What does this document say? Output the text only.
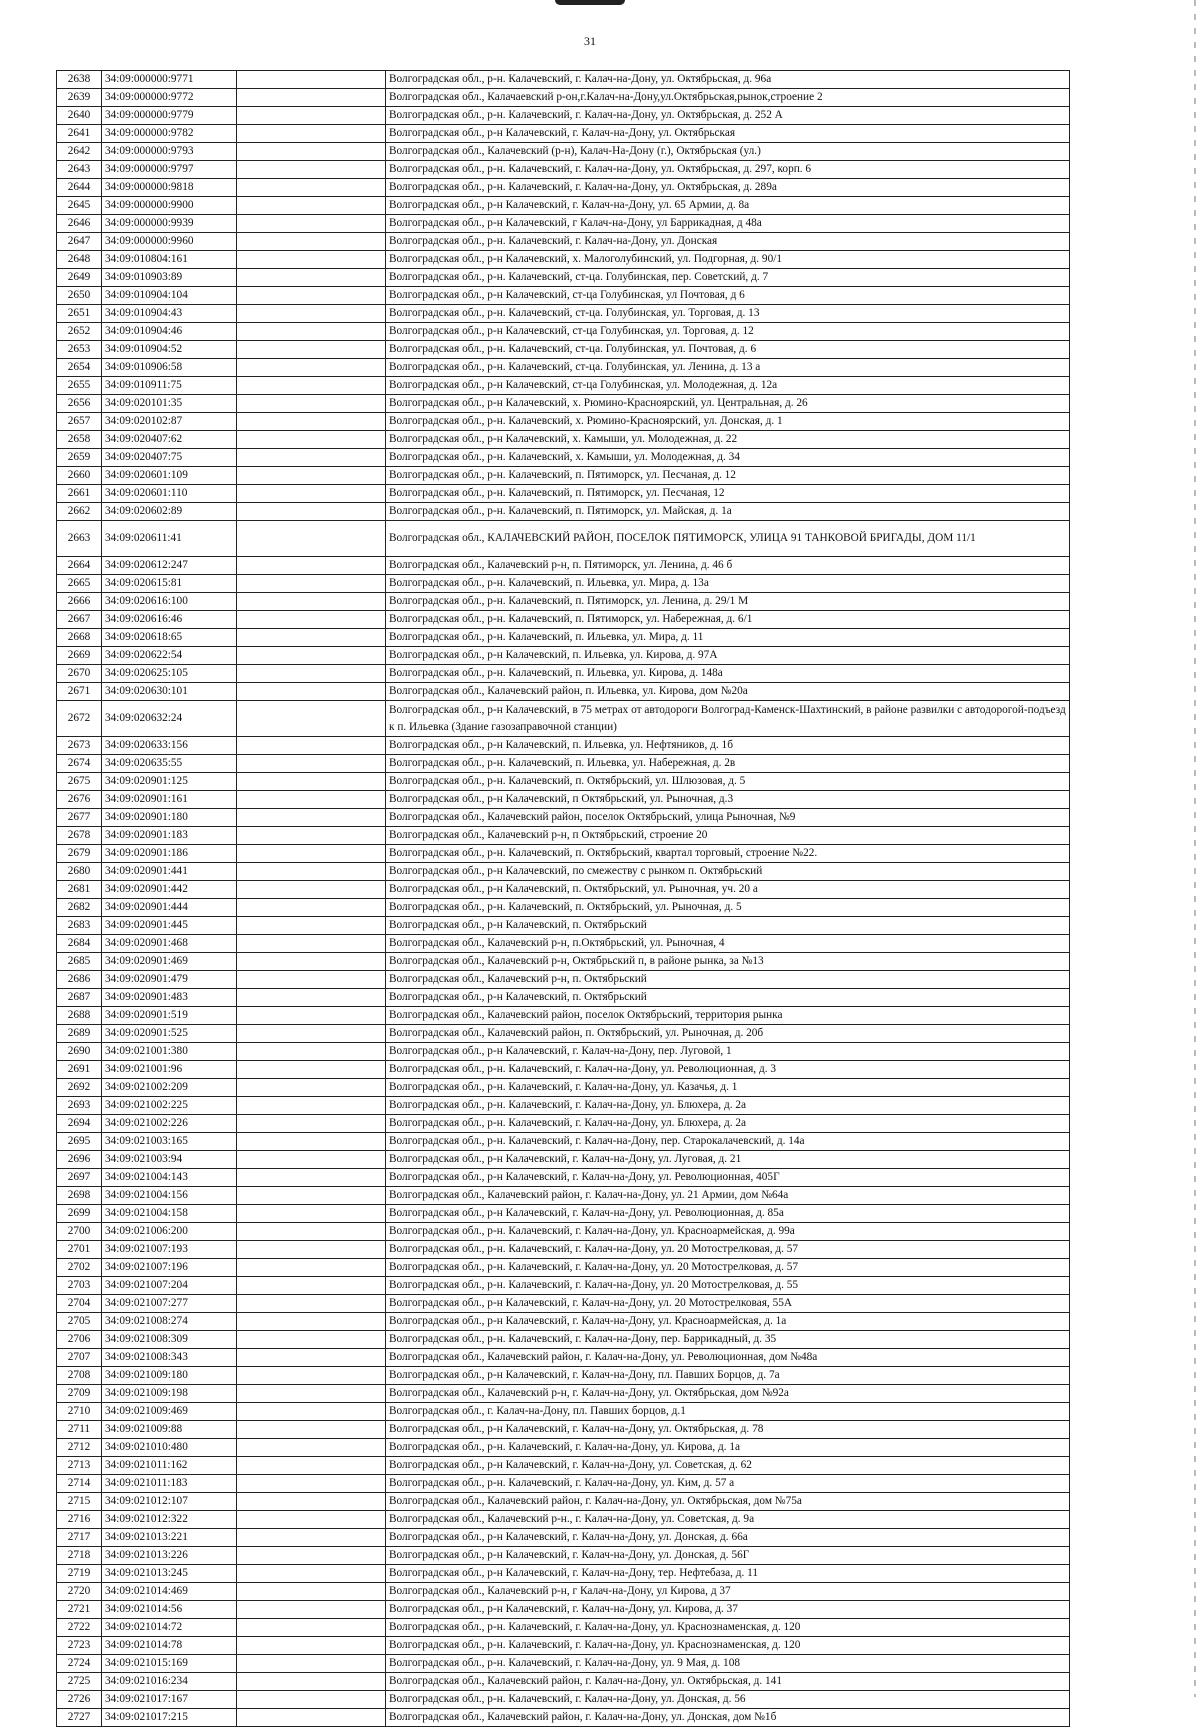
31
2638	34:09:000000:9771		Волгоградская обл., р-н. Калачевский, г. Калач-на-Дону, ул. Октябрьская, д. 96а
2639	34:09:000000:9772		Волгоградская обл., Калачаевский р-он,г.Калач-на-Дону,ул.Октябрьская,рынок,строение 2
2640	34:09:000000:9779		Волгоградская обл., р-н. Калачевский, г. Калач-на-Дону, ул. Октябрьская, д. 252 А
2641	34:09:000000:9782		Волгоградская обл., р-н Калачевский, г. Калач-на-Дону, ул. Октябрьская
2642	34:09:000000:9793		Волгоградская обл., Калачевский (р-н), Калач-На-Дону (г.), Октябрьская (ул.)
2643	34:09:000000:9797		Волгоградская обл., р-н. Калачевский, г. Калач-на-Дону, ул. Октябрьская, д. 297, корп. 6
2644	34:09:000000:9818		Волгоградская обл., р-н. Калачевский, г. Калач-на-Дону, ул. Октябрьская, д. 289а
2645	34:09:000000:9900		Волгоградская обл., р-н Калачевский, г. Калач-на-Дону, ул. 65 Армии, д. 8а
2646	34:09:000000:9939		Волгоградская обл., р-н Калачевский, г Калач-на-Дону, ул Баррикадная, д 48а
2647	34:09:000000:9960		Волгоградская обл., р-н. Калачевский, г. Калач-на-Дону, ул. Донская
2648	34:09:010804:161		Волгоградская обл., р-н Калачевский, х. Малоголубинский, ул. Подгорная, д. 90/1
2649	34:09:010903:89		Волгоградская обл., р-н. Калачевский, ст-ца. Голубинская, пер. Советский, д. 7
2650	34:09:010904:104		Волгоградская обл., р-н Калачевский, ст-ца Голубинская, ул Почтовая, д 6
2651	34:09:010904:43		Волгоградская обл., р-н. Калачевский, ст-ца. Голубинская, ул. Торговая, д. 13
2652	34:09:010904:46		Волгоградская обл., р-н Калачевский, ст-ца Голубинская, ул. Торговая, д. 12
2653	34:09:010904:52		Волгоградская обл., р-н. Калачевский, ст-ца. Голубинская, ул. Почтовая, д. 6
2654	34:09:010906:58		Волгоградская обл., р-н. Калачевский, ст-ца. Голубинская, ул. Ленина, д. 13 а
2655	34:09:010911:75		Волгоградская обл., р-н Калачевский, ст-ца Голубинская, ул. Молодежная, д. 12а
2656	34:09:020101:35		Волгоградская обл., р-н Калачевский, х. Рюмино-Красноярский, ул. Центральная, д. 26
2657	34:09:020102:87		Волгоградская обл., р-н. Калачевский, х. Рюмино-Красноярский, ул. Донская, д. 1
2658	34:09:020407:62		Волгоградская обл., р-н Калачевский, х. Камыши, ул. Молодежная, д. 22
2659	34:09:020407:75		Волгоградская обл., р-н. Калачевский, х. Камыши, ул. Молодежная, д. 34
2660	34:09:020601:109		Волгоградская обл., р-н. Калачевский, п. Пятиморск, ул. Песчаная, д. 12
2661	34:09:020601:110		Волгоградская обл., р-н. Калачевский, п. Пятиморск, ул. Песчаная, 12
2662	34:09:020602:89		Волгоградская обл., р-н. Калачевский, п. Пятиморск, ул. Майская, д. 1а
2663	34:09:020611:41		Волгоградская обл., КАЛАЧЕВСКИЙ РАЙОН, ПОСЕЛОК ПЯТИМОРСК, УЛИЦА 91 ТАНКОВОЙ БРИГАДЫ, ДОМ 11/1
2664	34:09:020612:247		Волгоградская обл., Калачевский р-н, п. Пятиморск, ул. Ленина, д. 46 б
2665	34:09:020615:81		Волгоградская обл., р-н. Калачевский, п. Ильевка, ул. Мира, д. 13а
2666	34:09:020616:100		Волгоградская обл., р-н. Калачевский, п. Пятиморск, ул. Ленина, д. 29/1 М
2667	34:09:020616:46		Волгоградская обл., р-н. Калачевский, п. Пятиморск, ул. Набережная, д. 6/1
2668	34:09:020618:65		Волгоградская обл., р-н. Калачевский, п. Ильевка, ул. Мира, д. 11
2669	34:09:020622:54		Волгоградская обл., р-н Калачевский, п. Ильевка, ул. Кирова, д. 97А
2670	34:09:020625:105		Волгоградская обл., р-н. Калачевский, п. Ильевка, ул. Кирова, д. 148а
2671	34:09:020630:101		Волгоградская обл., Калачевский район, п. Ильевка, ул. Кирова, дом №20а
2672	34:09:020632:24		Волгоградская обл., р-н Калачевский, в 75 метрах от автодороги Волгоград-Каменск-Шахтинский, в районе развилки с автодорогой-подъезд к п. Ильевка (Здание газозаправочной станции)
2673	34:09:020633:156		Волгоградская обл., р-н Калачевский, п. Ильевка, ул. Нефтяников, д. 1б
2674	34:09:020635:55		Волгоградская обл., р-н. Калачевский, п. Ильевка, ул. Набережная, д. 2в
2675	34:09:020901:125		Волгоградская обл., р-н. Калачевский, п. Октябрьский, ул. Шлюзовая, д. 5
2676	34:09:020901:161		Волгоградская обл., р-н Калачевский, п Октябрьский, ул. Рыночная, д.3
2677	34:09:020901:180		Волгоградская обл., Калачевский район, поселок Октябрьский, улица Рыночная, №9
2678	34:09:020901:183		Волгоградская обл., Калачевский р-н, п Октябрьский, строение 20
2679	34:09:020901:186		Волгоградская обл., р-н. Калачевский, п. Октябрьский, квартал торговый, строение №22.
2680	34:09:020901:441		Волгоградская обл., р-н Калачевский, по смежеству с рынком п. Октябрьский
2681	34:09:020901:442		Волгоградская обл., р-н Калачевский, п. Октябрьский, ул. Рыночная, уч. 20 а
2682	34:09:020901:444		Волгоградская обл., р-н. Калачевский, п. Октябрьский, ул. Рыночная, д. 5
2683	34:09:020901:445		Волгоградская обл., р-н Калачевский, п. Октябрьский
2684	34:09:020901:468		Волгоградская обл., Калачевский р-н, п.Октябрьский, ул. Рыночная, 4
2685	34:09:020901:469		Волгоградская обл., Калачевский р-н, Октябрьский п, в районе рынка, за №13
2686	34:09:020901:479		Волгоградская обл., Калачевский р-н, п. Октябрьский
2687	34:09:020901:483		Волгоградская обл., р-н Калачевский, п. Октябрьский
2688	34:09:020901:519		Волгоградская обл., Калачевский район, поселок Октябрьский, территория рынка
2689	34:09:020901:525		Волгоградская обл., Калачевский район, п. Октябрьский, ул. Рыночная, д. 20б
2690	34:09:021001:380		Волгоградская обл., р-н Калачевский, г. Калач-на-Дону, пер. Луговой, 1
2691	34:09:021001:96		Волгоградская обл., р-н. Калачевский, г. Калач-на-Дону, ул. Революционная, д. 3
2692	34:09:021002:209		Волгоградская обл., р-н. Калачевский, г. Калач-на-Дону, ул. Казачья, д. 1
2693	34:09:021002:225		Волгоградская обл., р-н. Калачевский, г. Калач-на-Дону, ул. Блюхера, д. 2а
2694	34:09:021002:226		Волгоградская обл., р-н. Калачевский, г. Калач-на-Дону, ул. Блюхера, д. 2а
2695	34:09:021003:165		Волгоградская обл., р-н. Калачевский, г. Калач-на-Дону, пер. Старокалачевский, д. 14а
2696	34:09:021003:94		Волгоградская обл., р-н Калачевский, г. Калач-на-Дону, ул. Луговая, д. 21
2697	34:09:021004:143		Волгоградская обл., р-н Калачевский, г. Калач-на-Дону, ул. Революционная, 405Г
2698	34:09:021004:156		Волгоградская обл., Калачевский район, г. Калач-на-Дону, ул. 21 Армии, дом №64а
2699	34:09:021004:158		Волгоградская обл., р-н Калачевский, г. Калач-на-Дону, ул. Революционная, д. 85а
2700	34:09:021006:200		Волгоградская обл., р-н. Калачевский, г. Калач-на-Дону, ул. Красноармейская, д. 99а
2701	34:09:021007:193		Волгоградская обл., р-н. Калачевский, г. Калач-на-Дону, ул. 20 Мотострелковая, д. 57
2702	34:09:021007:196		Волгоградская обл., р-н. Калачевский, г. Калач-на-Дону, ул. 20 Мотострелковая, д. 57
2703	34:09:021007:204		Волгоградская обл., р-н. Калачевский, г. Калач-на-Дону, ул. 20 Мотострелковая, д. 55
2704	34:09:021007:277		Волгоградская обл., р-н Калачевский, г. Калач-на-Дону, ул. 20 Мотострелковая, 55А
2705	34:09:021008:274		Волгоградская обл., р-н Калачевский, г. Калач-на-Дону, ул. Красноармейская, д. 1а
2706	34:09:021008:309		Волгоградская обл., р-н. Калачевский, г. Калач-на-Дону, пер. Баррикадный, д. 35
2707	34:09:021008:343		Волгоградская обл., Калачевский район, г. Калач-на-Дону, ул. Революционная, дом №48а
2708	34:09:021009:180		Волгоградская обл., р-н Калачевский, г. Калач-на-Дону, пл. Павших Борцов, д. 7а
2709	34:09:021009:198		Волгоградская обл., Калачевский р-н, г. Калач-на-Дону, ул. Октябрьская, дом №92а
2710	34:09:021009:469		Волгоградская обл., г. Калач-на-Дону, пл. Павших борцов, д.1
2711	34:09:021009:88		Волгоградская обл., р-н Калачевский, г. Калач-на-Дону, ул. Октябрьская, д. 78
2712	34:09:021010:480		Волгоградская обл., р-н. Калачевский, г. Калач-на-Дону, ул. Кирова, д. 1а
2713	34:09:021011:162		Волгоградская обл., р-н Калачевский, г. Калач-на-Дону, ул. Советская, д. 62
2714	34:09:021011:183		Волгоградская обл., р-н. Калачевский, г. Калач-на-Дону, ул. Ким, д. 57 а
2715	34:09:021012:107		Волгоградская обл., Калачевский район, г. Калач-на-Дону, ул. Октябрьская, дом №75а
2716	34:09:021012:322		Волгоградская обл., Калачевский р-н., г. Калач-на-Дону, ул. Советская, д. 9а
2717	34:09:021013:221		Волгоградская обл., р-н Калачевский, г. Калач-на-Дону, ул. Донская, д. 66а
2718	34:09:021013:226		Волгоградская обл., р-н Калачевский, г. Калач-на-Дону, ул. Донская, д. 56Г
2719	34:09:021013:245		Волгоградская обл., р-н Калачевский, г. Калач-на-Дону, тер. Нефтебаза, д. 11
2720	34:09:021014:469		Волгоградская обл., Калачевский р-н, г Калач-на-Дону, ул Кирова, д 37
2721	34:09:021014:56		Волгоградская обл., р-н Калачевский, г. Калач-на-Дону, ул. Кирова, д. 37
2722	34:09:021014:72		Волгоградская обл., р-н. Калачевский, г. Калач-на-Дону, ул. Краснознаменская, д. 120
2723	34:09:021014:78		Волгоградская обл., р-н. Калачевский, г. Калач-на-Дону, ул. Краснознаменская, д. 120
2724	34:09:021015:169		Волгоградская обл., р-н. Калачевский, г. Калач-на-Дону, ул. 9 Мая, д. 108
2725	34:09:021016:234		Волгоградская обл., Калачевский район, г. Калач-на-Дону, ул. Октябрьская, д. 141
2726	34:09:021017:167		Волгоградская обл., р-н. Калачевский, г. Калач-на-Дону, ул. Донская, д. 56
2727	34:09:021017:215		Волгоградская обл., Калачевский район, г. Калач-на-Дону, ул. Донская, дом №1б
